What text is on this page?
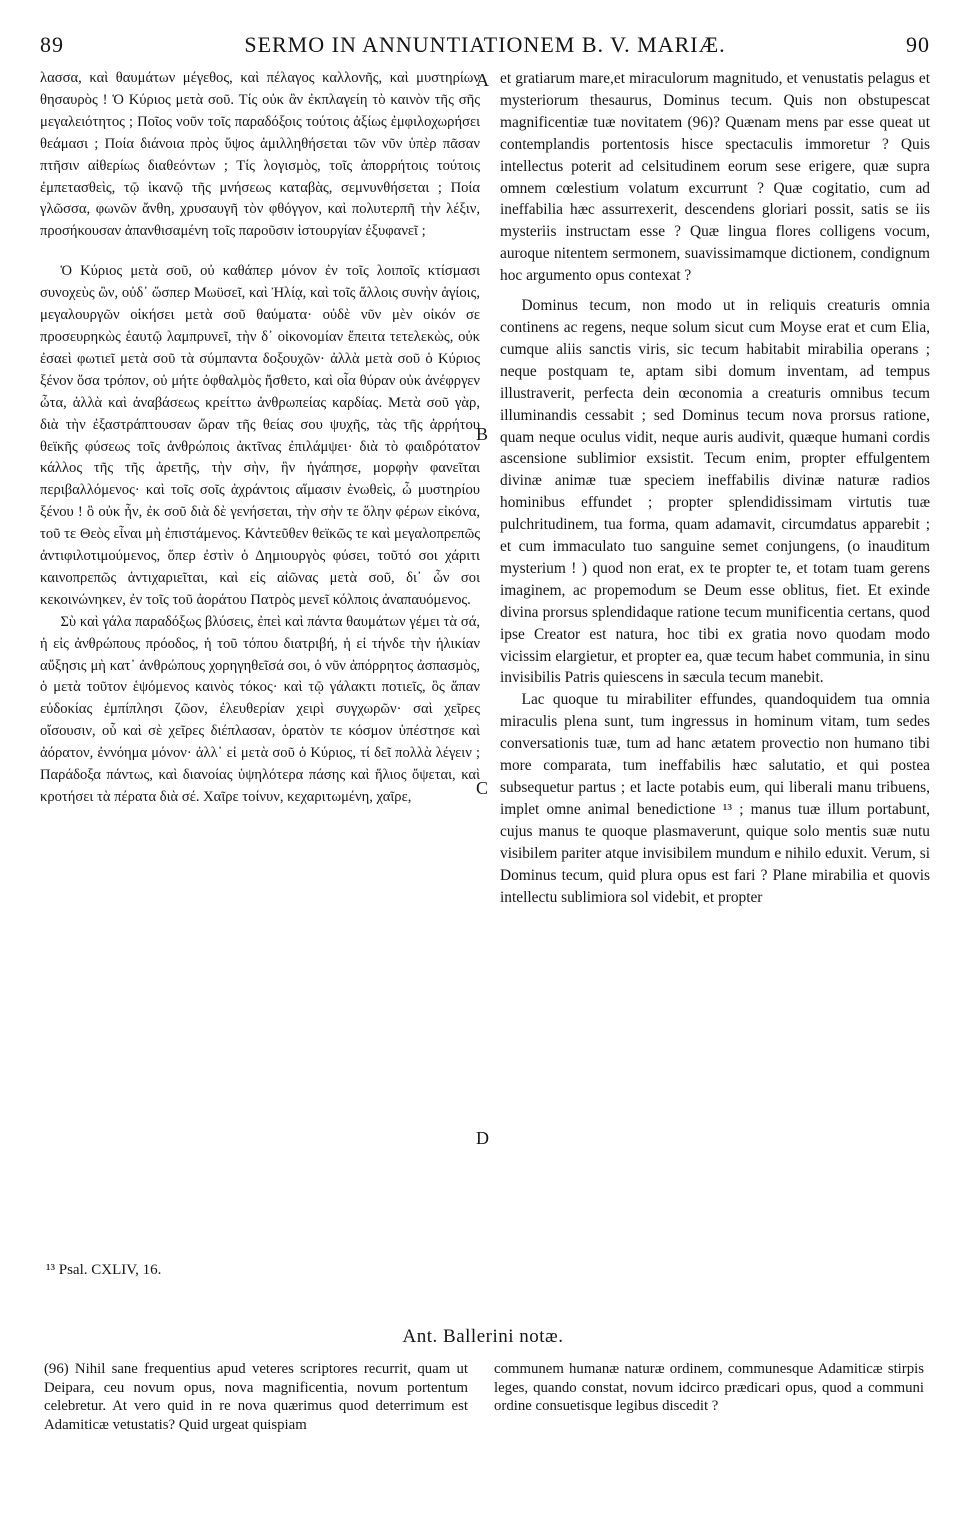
89	SERMO IN ANNUNTIATIONEM B. V. MARIÆ.	90

λασσα, καὶ θαυμάτων μέγεθος, καὶ πέλαγος καλλονῆς, καὶ μυστηρίων θησαυρὸς ! Ὁ Κύριος μετὰ σοῦ. Τίς οὐκ ἂν ἐκπλαγείη τὸ καινὸν τῆς σῆς μεγαλειότητος ; Ποῖος νοῦν τοῖς παραδόξοις τούτοις ἀξίως ἐμφιλοχωρήσει θεάμασι ; Ποία διάνοια πρὸς ὕψος ἁμιλληθήσεται τῶν νῦν ὑπὲρ πᾶσαν πτῆσιν αἰθερίως διαθεόντων ; Τίς λογισμὸς, τοῖς ἀπορρήτοις τούτοις ἐμπετασθεὶς, τῷ ἱκανῷ τῆς μνήσεως καταβὰς, σεμνυνθήσεται ; Ποία γλῶσσα, φωνῶν ἄνθη, χρυσαυγῆ τὸν φθόγγον, καὶ πολυτερπῆ τὴν λέξιν, προσήκουσαν ἀπανθισαμένη τοῖς παροῦσιν ἱστουργίαν ἐξυφανεῖ ;

Ὁ Κύριος μετὰ σοῦ, οὐ καθάπερ μόνον ἐν τοῖς λοιποῖς κτίσμασι συνοχεὺς ὢν, οὐδ᾽ ὥσπερ Μωϋσεῖ, καὶ Ἠλίᾳ, καὶ τοῖς ἄλλοις συνὴν ἁγίοις, μεγαλουργῶν οἰκήσει μετὰ σοῦ θαύματα· οὐδὲ νῦν μὲν οἰκόν σε προσευρηκὼς ἑαυτῷ λαμπρυνεῖ, τὴν δ᾽ οἰκονομίαν ἔπειτα τετελεκὼς, οὐκ ἐσαεὶ φωτιεῖ μετὰ σοῦ τὰ σύμπαντα δοξουχῶν· ἀλλὰ μετὰ σοῦ ὁ Κύριος ξένον ὅσα τρόπον, οὐ μήτε ὀφθαλμὸς ἤσθετο, καὶ οἷα θύραν οὐκ ἀνέφργεν ὦτα, ἀλλὰ καὶ ἀναβάσεως κρείττω ἀνθρωπείας καρδίας. Μετὰ σοῦ γὰρ, διὰ τὴν ἐξαστράπτουσαν ὥραν τῆς θείας σου ψυχῆς, τὰς τῆς ἀρρήτου θεϊκῆς φύσεως τοῖς ἀνθρώποις ἀκτῖνας ἐπιλάμψει· διὰ τὸ φαιδρότατον κάλλος τῆς τῆς ἀρετῆς, τὴν σὴν, ἣν ἠγάπησε, μορφὴν φανεῖται περιβαλλόμενος· καὶ τοῖς σοῖς ἀχράντοις αἵμασιν ἑνωθεὶς, ὦ μυστηρίου ξένου ! ὃ οὐκ ἦν, ἐκ σοῦ διὰ δὲ γενήσεται, τὴν σὴν τε ὅλην φέρων εἰκόνα, τοῦ τε Θεὸς εἶναι μὴ ἐπιστάμενος. Κἀντεῦθεν θεϊκῶς τε καὶ μεγαλοπρεπῶς ἀντιφιλοτιμούμενος, ὅπερ ἐστὶν ὁ Δημιουργὸς φύσει, τοῦτό σοι χάριτι καινοπρεπῶς ἀντιχαριεῖται, καὶ εἰς αἰῶνας μετὰ σοῦ, δι᾽ ὧν σοι κεκοινώνηκεν, ἐν τοῖς τοῦ ἀοράτου Πατρὸς μενεῖ κόλποις ἀναπαυόμενος.

Σὺ καὶ γάλα παραδόξως βλύσεις, ἐπεὶ καὶ πάντα θαυμάτων γέμει τὰ σά, ἡ εἰς ἀνθρώπους πρόοδος, ἡ τοῦ τόπου διατριβή, ἡ εἰ τήνδε τὴν ἡλικίαν αὔξησις μὴ κατ᾽ ἀνθρώπους χορηγηθεῖσά σοι, ὁ νῦν ἀπόρρητος ἀσπασμὸς, ὁ μετὰ τοῦτον ἑψόμενος καινὸς τόκος· καὶ τῷ γάλακτι ποτιεῖς, ὃς ἅπαν εὐδοκίας ἐμπίπλησι ζῶον, ἐλευθερίαν χειρὶ συγχωρῶν· σαὶ χεῖρες οἴσουσιν, οὗ καὶ σὲ χεῖρες διέπλασαν, ὁρατὸν τε κόσμον ὑπέστησε καὶ ἀόρατον, ἐννόημα μόνον· ἀλλ᾽ εἰ μετὰ σοῦ ὁ Κύριος, τί δεῖ πολλὰ λέγειν ; Παράδοξα πάντως, καὶ διανοίας ὑψηλότερα πάσης καὶ ἥλιος ὄψεται, καὶ κροτήσει τὰ πέρατα διὰ σέ. Χαῖρε τοίνυν, κεχαριτωμένη, χαῖρε,

et gratiarum mare,et miraculorum magnitudo, et venustatis pelagus et mysteriorum thesaurus, Dominus tecum. Quis non obstupescat magnificentiæ tuæ novitatem (96)? Quænam mens par esse queat ut contemplandis portentosis hisce spectaculis immoretur ? Quis intellectus poterit ad celsitudinem eorum sese erigere, quæ supra omnem cœlestium volatum excurrunt ? Quæ cogitatio, cum ad ineffabilia hæc assurrexerit, descendens gloriari possit, satis se iis mysteriis instructam esse ? Quæ lingua flores colligens vocum, auroque nitentem sermonem, suavissimamque dictionem, condignum hoc argumento opus contexat ?

Dominus tecum, non modo ut in reliquis creaturis omnia continens ac regens, neque solum sicut cum Moyse erat et cum Elia, cumque aliis sanctis viris, sic tecum habitabit mirabilia operans ; neque postquam te, aptam sibi domum inventam, ad tempus illustraverit, perfecta dein œconomia a creaturis omnibus tecum illuminandis cessabit ; sed Dominus tecum nova prorsus ratione, quam neque oculus vidit, neque auris audivit, quæque humani cordis ascensione sublimior exsistit. Tecum enim, propter effulgentem divinæ animæ tuæ speciem ineffabilis divinæ naturæ radios hominibus effundet ; propter splendidissimam virtutis tuæ pulchritudinem, tua forma, quam adamavit, circumdatus apparebit ; et cum immaculato tuo sanguine semet conjungens, (o inauditum mysterium ! ) quod non erat, ex te propter te, et totam tuam gerens imaginem, ac propemodum se Deum esse oblitus, fiet. Et exinde divina prorsus splendidaque ratione tecum munificentia certans, quod ipse Creator est natura, hoc tibi ex gratia novo quodam modo vicissim elargietur, et propter ea, quæ tecum habet communia, in sinu invisibilis Patris quiescens in sæcula tecum manebit.

Lac quoque tu mirabiliter effundes, quandoquidem tua omnia miraculis plena sunt, tum ingressus in hominum vitam, tum sedes conversationis tuæ, tum ad hanc ætatem provectio non humano tibi more comparata, tum ineffabilis hæc salutatio, et qui postea subsequetur partus ; et lacte potabis eum, qui liberali manu tribuens, implet omne animal benedictione ¹³ ; manus tuæ illum portabunt, cujus manus te quoque plasmaverunt, quique solo mentis suæ nutu visibilem pariter atque invisibilem mundum e nihilo eduxit. Verum, si Dominus tecum, quid plura opus est fari ? Plane mirabilia et quovis intellectu sublimiora sol videbit, et propter

A
B
C
D
¹³ Psal. CXLIV, 16.
Ant. Ballerini notæ.
(96) Nihil sane frequentius apud veteres scriptores recurrit, quam ut Deipara, ceu novum opus, nova magnificentia, novum portentum celebretur. At vero quid in re nova quærimus quod deterrimum est Adamiticæ vetustatis? Quid urgeat quispiam
communem humanæ naturæ ordinem, communesque Adamiticæ stirpis leges, quando constat, novum idcirco prædicari opus, quod a communi ordine consuetisque legibus discedit ?
